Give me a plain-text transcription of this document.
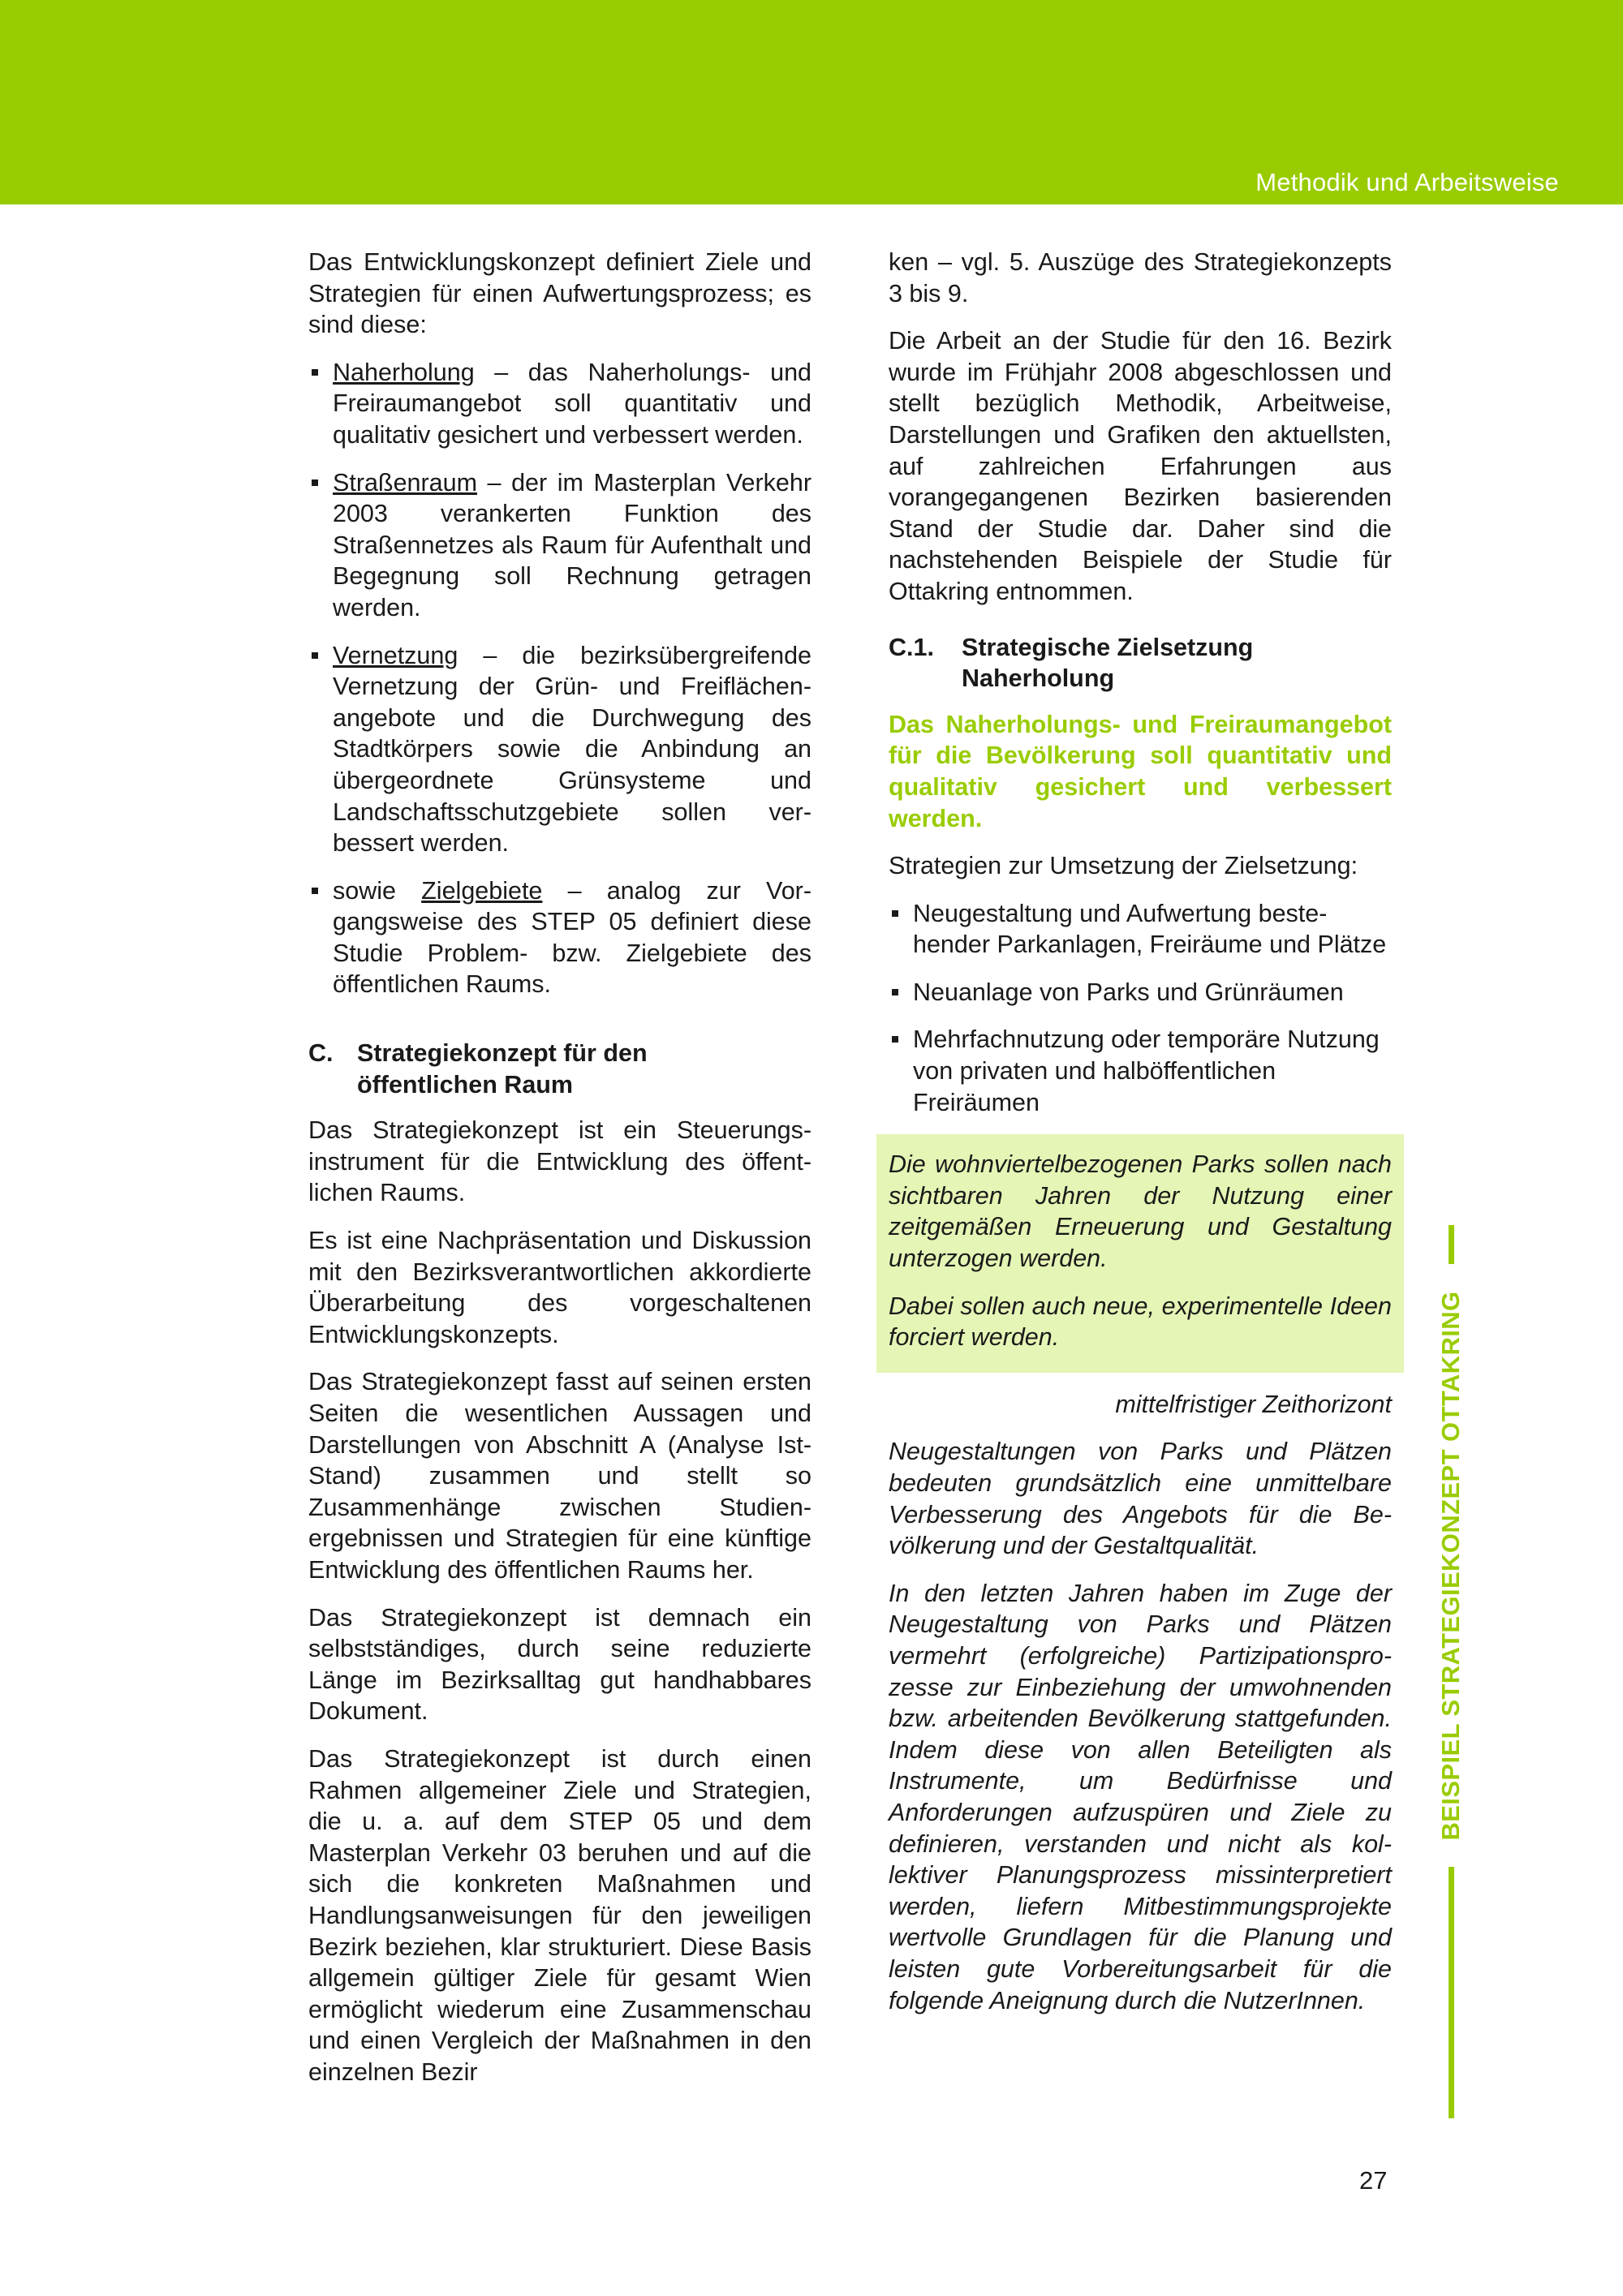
Methodik und Arbeitsweise

Das Entwicklungskonzept definiert Ziele und Strategien für einen Aufwertungsprozess; es sind diese:

Naherholung – das Naherholungs- und Freiraumangebot soll quantitativ und qualitativ gesichert und verbessert werden.
Straßenraum – der im Masterplan Verkehr 2003 verankerten Funktion des Straßennetzes als Raum für Aufenthalt und Begegnung soll Rechnung getragen werden.
Vernetzung – die bezirksübergreifende Vernetzung der Grün- und Freiflächenangebote und die Durchwegung des Stadtkörpers sowie die Anbindung an übergeordnete Grünsysteme und Landschaftsschutzgebiete sollen verbessert werden.
sowie Zielgebiete – analog zur Vorgangsweise des STEP 05 definiert diese Studie Problem- bzw. Zielgebiete des öffentlichen Raums.
C. Strategiekonzept für den
öffentlichen Raum

Das Strategiekonzept ist ein Steuerungsinstrument für die Entwicklung des öffentlichen Raums.

Es ist eine Nachpräsentation und Diskussion mit den Bezirksverantwortlichen akkordierte Überarbeitung des vorgeschaltenen Entwicklungskonzepts.

Das Strategiekonzept fasst auf seinen ersten Seiten die wesentlichen Aussagen und Darstellungen von Abschnitt A (Analyse Ist-Stand) zusammen und stellt so Zusammenhänge zwischen Studienergebnissen und Strategien für eine künftige Entwicklung des öffentlichen Raums her.

Das Strategiekonzept ist demnach ein selbstständiges, durch seine reduzierte Länge im Bezirksalltag gut handhabbares Dokument.

Das Strategiekonzept ist durch einen Rahmen allgemeiner Ziele und Strategien, die u. a. auf dem STEP 05 und dem Masterplan Verkehr 03 beruhen und auf die sich die konkreten Maßnahmen und Handlungsanweisungen für den jeweiligen Bezirk beziehen, klar strukturiert. Diese Basis allgemein gültiger Ziele für gesamt Wien ermöglicht wiederum eine Zusammenschau und einen Vergleich der Maßnahmen in den einzelnen Bezir

ken – vgl. 5. Auszüge des Strategiekonzepts 3 bis 9.

Die Arbeit an der Studie für den 16. Bezirk wurde im Frühjahr 2008 abgeschlossen und stellt bezüglich Methodik, Arbeitweise, Darstellungen und Grafiken den aktuellsten, auf zahlreichen Erfahrungen aus vorangegangenen Bezirken basierenden Stand der Studie dar. Daher sind die nachstehenden Beispiele der Studie für Ottakring entnommen.

C.1. Strategische Zielsetzung
Naherholung

Das Naherholungs- und Freiraumangebot für die Bevölkerung soll quantitativ und qualitativ gesichert und verbessert werden.

Strategien zur Umsetzung der Zielsetzung:

Neugestaltung und Aufwertung bestehender Parkanlagen, Freiräume und Plätze
Neuanlage von Parks und Grünräumen
Mehrfachnutzung oder temporäre Nutzung von privaten und halböffentlichen Freiräumen

Die wohnviertelbezogenen Parks sollen nach sichtbaren Jahren der Nutzung einer zeitgemäßen Erneuerung und Gestaltung unterzogen werden.

Dabei sollen auch neue, experimentelle Ideen forciert werden.

mittelfristiger Zeithorizont

Neugestaltungen von Parks und Plätzen bedeuten grundsätzlich eine unmittelbare Verbesserung des Angebots für die Bevölkerung und der Gestaltqualität.

In den letzten Jahren haben im Zuge der Neugestaltung von Parks und Plätzen vermehrt (erfolgreiche) Partizipationsprozesse zur Einbeziehung der umwohnenden bzw. arbeitenden Bevölkerung stattgefunden. Indem diese von allen Beteiligten als Instrumente, um Bedürfnisse und Anforderungen aufzuspüren und Ziele zu definieren, verstanden und nicht als kollektiver Planungsprozess missinterpretiert werden, liefern Mitbestimmungsprojekte wertvolle Grundlagen für die Planung und leisten gute Vorbereitungsarbeit für die folgende Aneignung durch die NutzerInnen.

BEISPIEL STRATEGIEKONZEPT OTTAKRING
27
